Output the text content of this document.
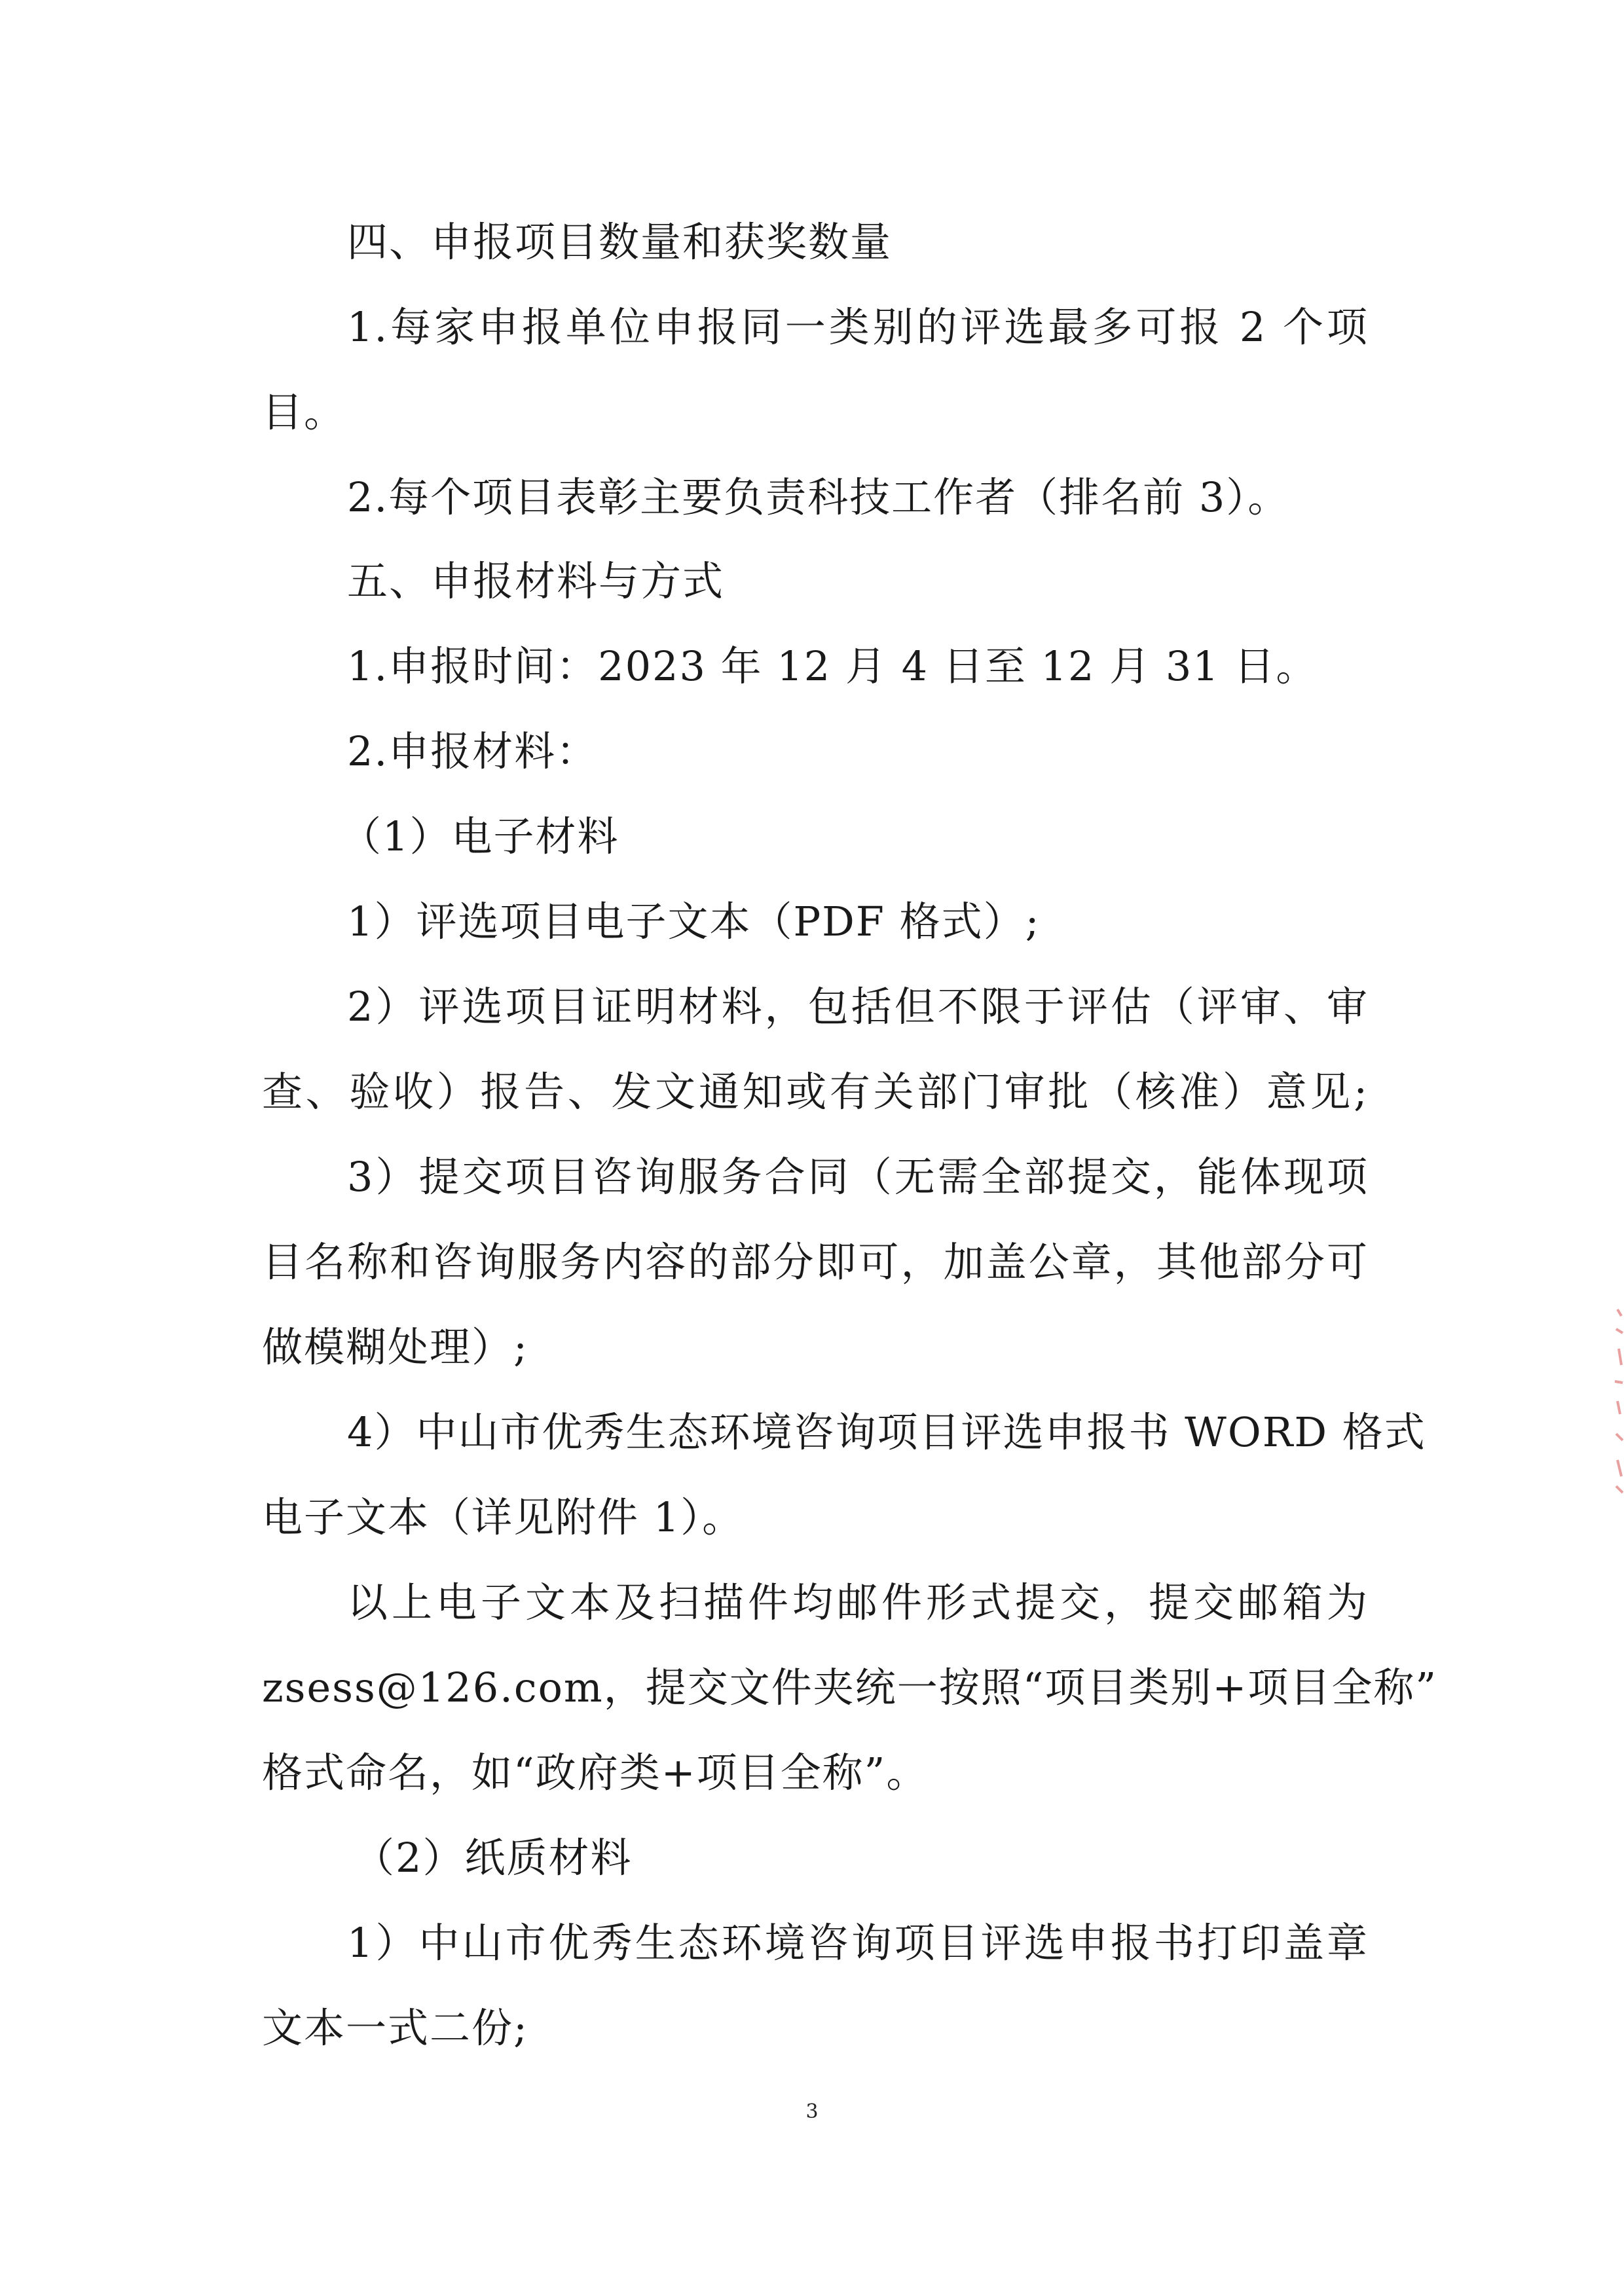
四、申报项目数量和获奖数量
1.每家申报单位申报同一类别的评选最多可报 2 个项
目。
2.每个项目表彰主要负责科技工作者（排名前 3）。
五、申报材料与方式
1.申报时间：2023 年 12 月 4 日至 12 月 31 日。
2.申报材料：
（1）电子材料
1）评选项目电子文本（PDF 格式）;
2）评选项目证明材料，包括但不限于评估（评审、审
查、验收）报告、发文通知或有关部门审批（核准）意见;
3）提交项目咨询服务合同（无需全部提交，能体现项
目名称和咨询服务内容的部分即可，加盖公章，其他部分可
做模糊处理）;
4）中山市优秀生态环境咨询项目评选申报书 WORD 格式
电子文本（详见附件 1）。
以上电子文本及扫描件均邮件形式提交，提交邮箱为
zsess@126.com，提交文件夹统一按照“项目类别+项目全称”
格式命名，如“政府类+项目全称”。
（2）纸质材料
1）中山市优秀生态环境咨询项目评选申报书打印盖章
文本一式二份;
3
